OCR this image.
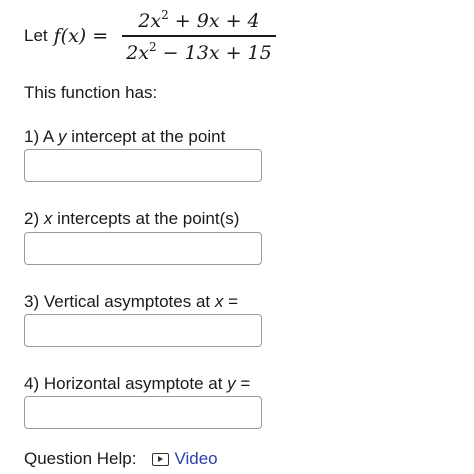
Let $f(x) = \frac{2x^2 + 9x + 4}{2x^2 - 13x + 15}$
This function has:
1) A y intercept at the point
2) x intercepts at the point(s)
3) Vertical asymptotes at x =
4) Horizontal asymptote at y =
Question Help: Video
